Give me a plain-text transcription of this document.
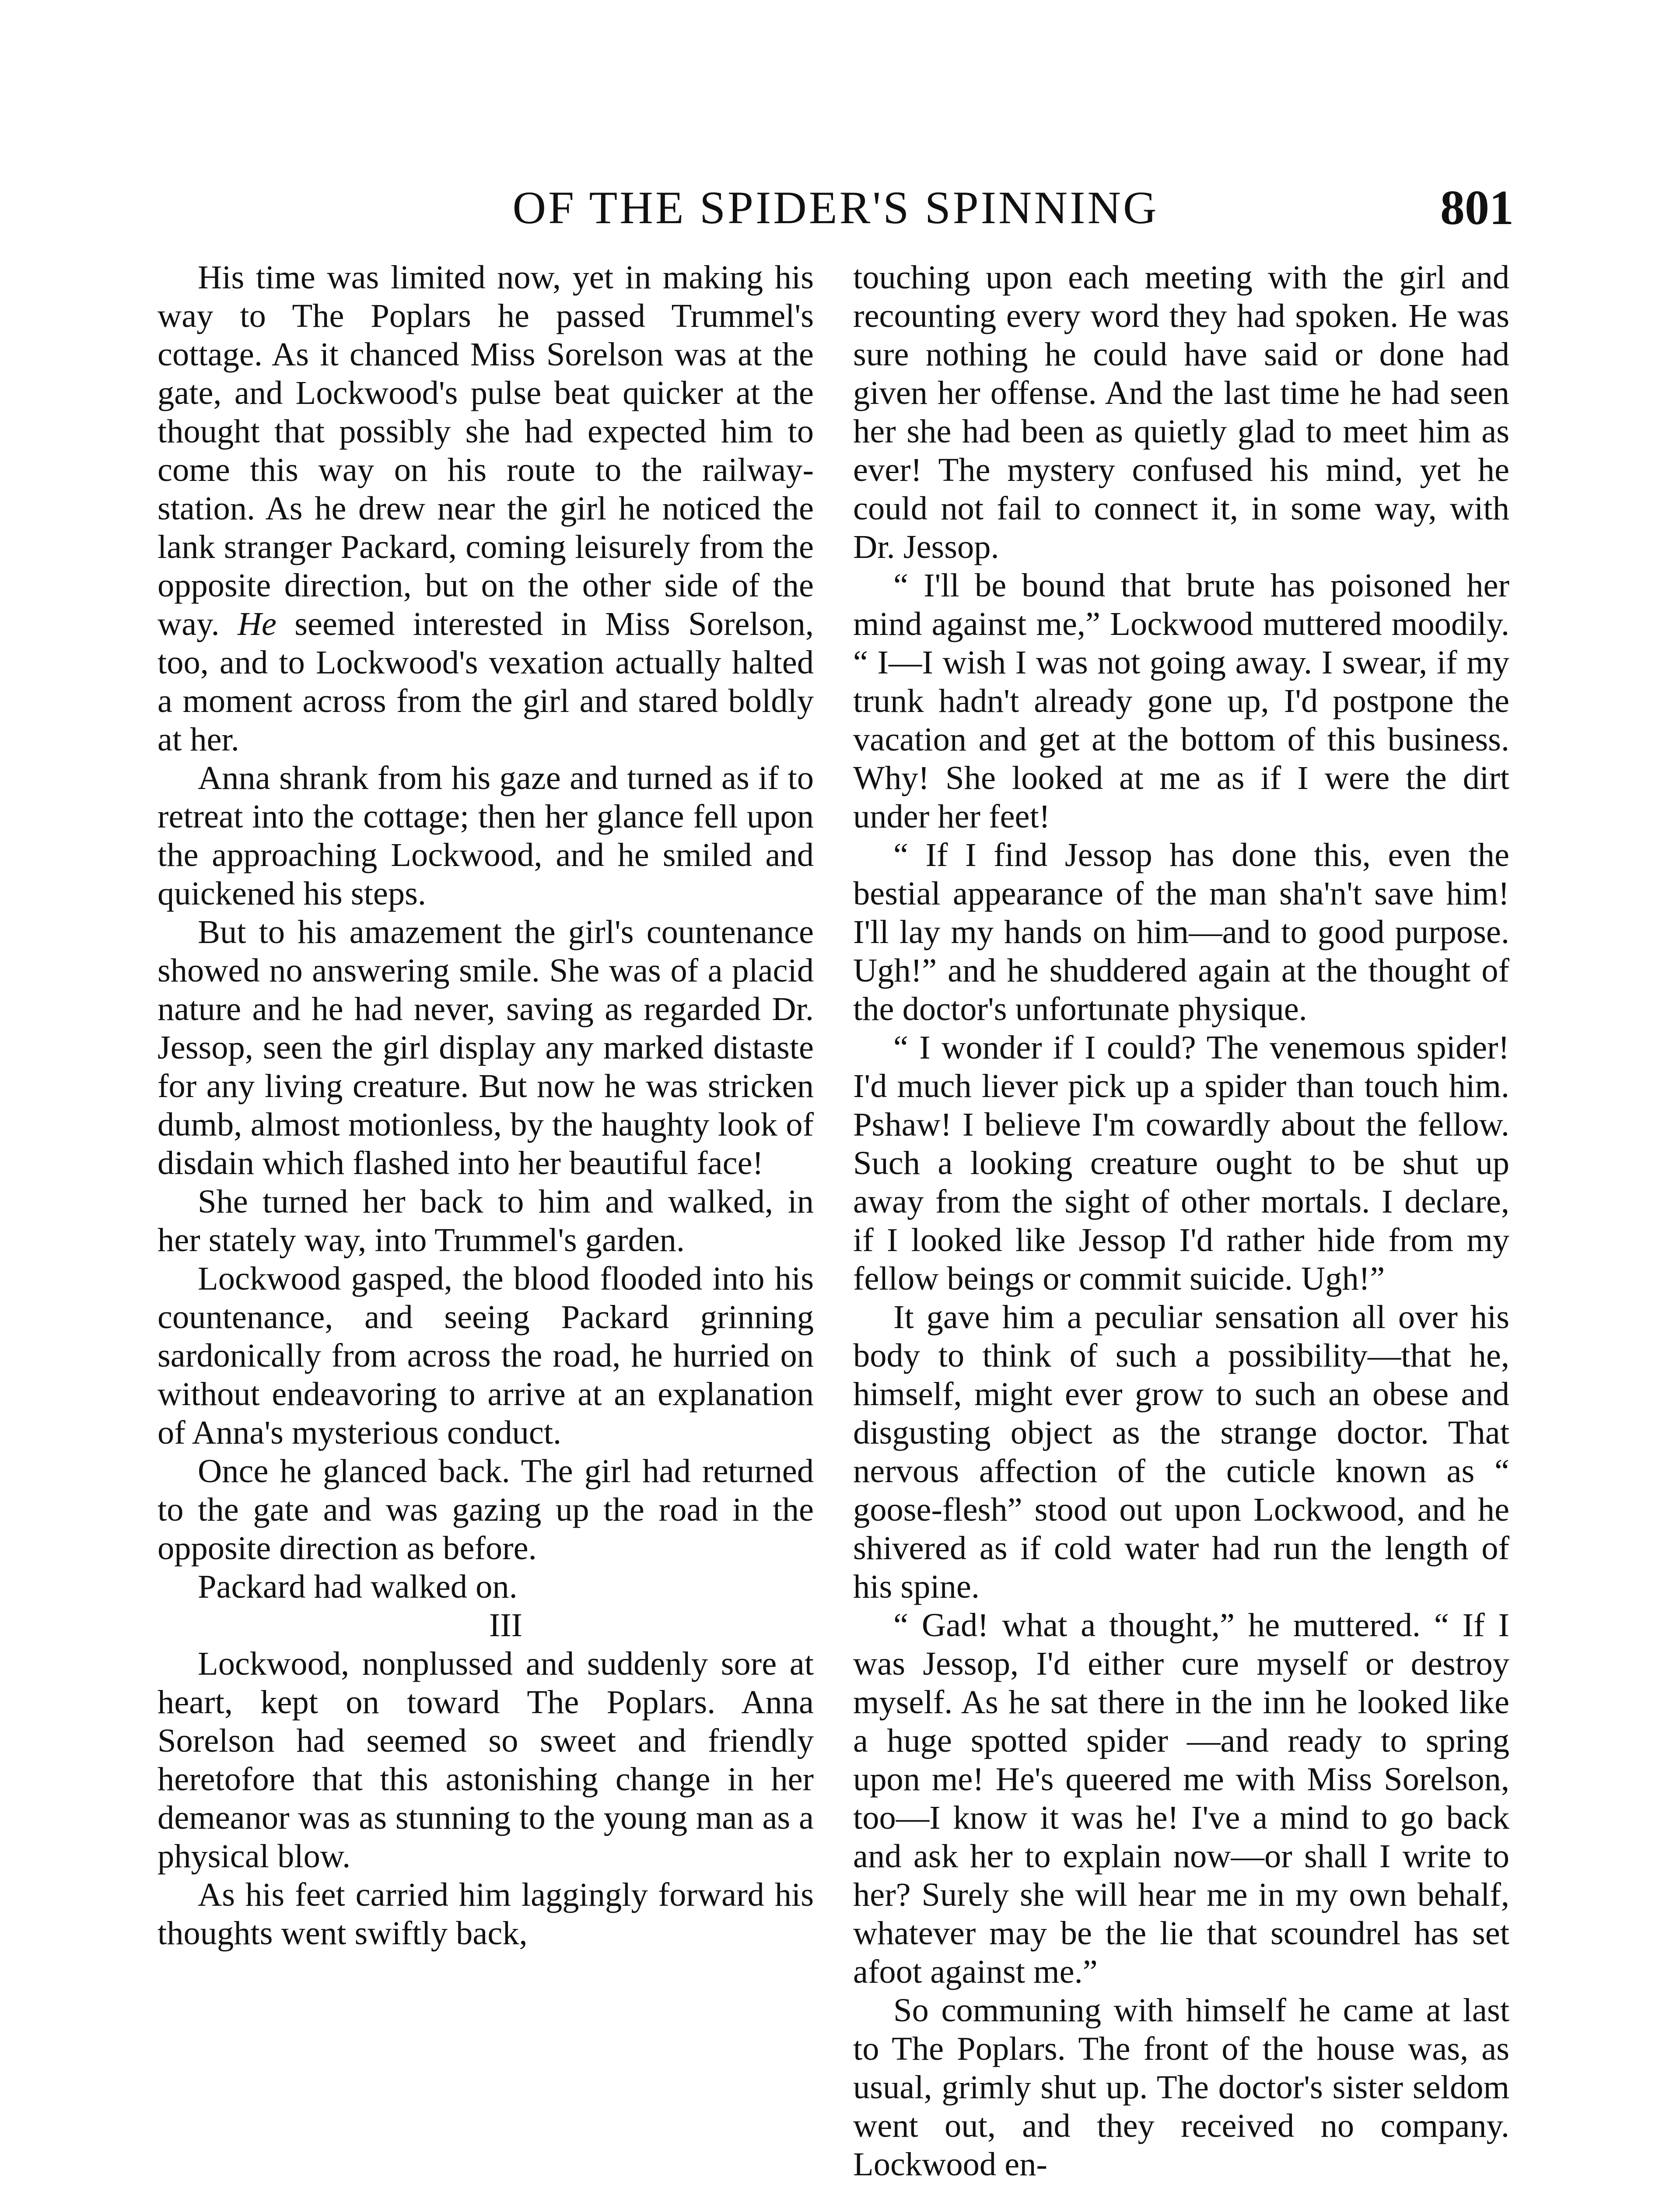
OF THE SPIDER'S SPINNING	801

His time was limited now, yet in making his way to The Poplars he passed Trummel's cottage. As it chanced Miss Sorelson was at the gate, and Lockwood's pulse beat quicker at the thought that possibly she had expected him to come this way on his route to the railway-station. As he drew near the girl he noticed the lank stranger Packard, coming leisurely from the opposite direction, but on the other side of the way. He seemed interested in Miss Sorelson, too, and to Lockwood's vexation actually halted a moment across from the girl and stared boldly at her.

Anna shrank from his gaze and turned as if to retreat into the cottage; then her glance fell upon the approaching Lockwood, and he smiled and quickened his steps.

But to his amazement the girl's countenance showed no answering smile. She was of a placid nature and he had never, saving as regarded Dr. Jessop, seen the girl display any marked distaste for any living creature. But now he was stricken dumb, almost motionless, by the haughty look of disdain which flashed into her beautiful face!

She turned her back to him and walked, in her stately way, into Trummel's garden.

Lockwood gasped, the blood flooded into his countenance, and seeing Packard grinning sardonically from across the road, he hurried on without endeavoring to arrive at an explanation of Anna's mysterious conduct.

Once he glanced back. The girl had returned to the gate and was gazing up the road in the opposite direction as before.

Packard had walked on.

III

Lockwood, nonplussed and suddenly sore at heart, kept on toward The Poplars. Anna Sorelson had seemed so sweet and friendly heretofore that this astonishing change in her demeanor was as stunning to the young man as a physical blow.

As his feet carried him laggingly forward his thoughts went swiftly back,

touching upon each meeting with the girl and recounting every word they had spoken. He was sure nothing he could have said or done had given her offense. And the last time he had seen her she had been as quietly glad to meet him as ever! The mystery confused his mind, yet he could not fail to connect it, in some way, with Dr. Jessop.

“ I'll be bound that brute has poisoned her mind against me,” Lockwood muttered moodily. “ I—I wish I was not going away. I swear, if my trunk hadn't already gone up, I'd postpone the vacation and get at the bottom of this business. Why! She looked at me as if I were the dirt under her feet!

“ If I find Jessop has done this, even the bestial appearance of the man sha'n't save him! I'll lay my hands on him—and to good purpose. Ugh!” and he shuddered again at the thought of the doctor's unfortunate physique.

“ I wonder if I could? The venemous spider! I'd much liever pick up a spider than touch him. Pshaw! I believe I'm cowardly about the fellow. Such a looking creature ought to be shut up away from the sight of other mortals. I declare, if I looked like Jessop I'd rather hide from my fellow beings or commit suicide. Ugh!”

It gave him a peculiar sensation all over his body to think of such a possibility—that he, himself, might ever grow to such an obese and disgusting object as the strange doctor. That nervous affection of the cuticle known as “ goose-flesh” stood out upon Lockwood, and he shivered as if cold water had run the length of his spine.

“ Gad! what a thought,” he muttered. “ If I was Jessop, I'd either cure myself or destroy myself. As he sat there in the inn he looked like a huge spotted spider —and ready to spring upon me! He's queered me with Miss Sorelson, too—I know it was he! I've a mind to go back and ask her to explain now—or shall I write to her? Surely she will hear me in my own behalf, whatever may be the lie that scoundrel has set afoot against me.”

So communing with himself he came at last to The Poplars. The front of the house was, as usual, grimly shut up. The doctor's sister seldom went out, and they received no company. Lockwood en-
